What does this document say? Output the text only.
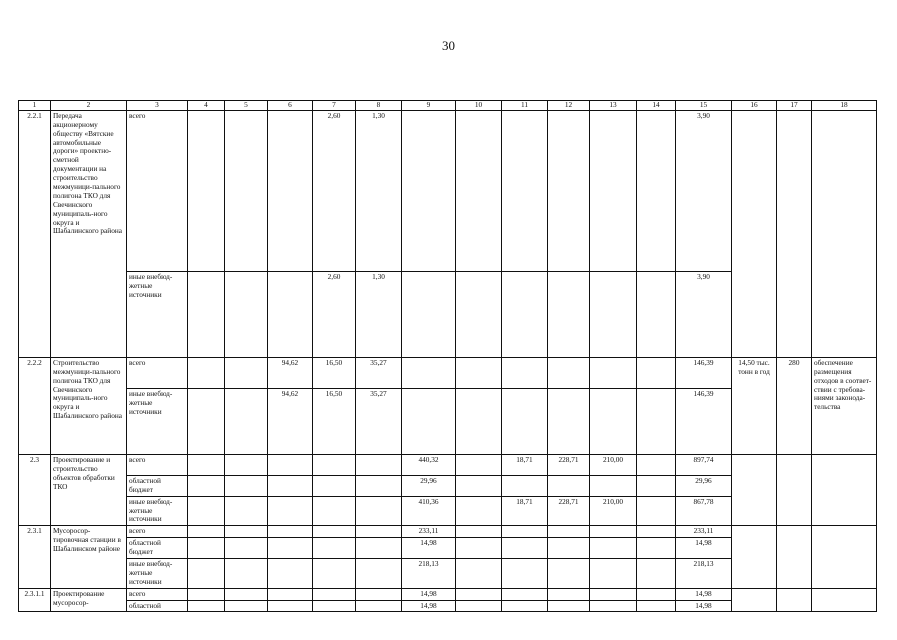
30
1	2	3	4	5	6	7	8	9	10	11	12	13	14	15	16	17	18
2.2.1	Передача акционерному обществу «Вятские автомобильные дороги» проектно-сметной документации на строительство межмуници-пального полигона ТКО для Свечинского муниципаль-ного округа и Шабалинского района	всего				2,60	1,30							3,90			
		иные внебюд-жетные источники				2,60	1,30							3,90			
2.2.2	Строительство межмуници-пального полигона ТКО для Свечинского муниципаль-ного округа и Шабалинского района	всего			94,62	16,50	35,27							146,39	14,50 тыс. тонн в год	280	обеспечение размещения отходов в соответ-ствии с требова-ниями законода-тельства
		иные внебюд-жетные источники			94,62	16,50	35,27							146,39			
2.3	Проектирование и строительство объектов обработки ТКО	всего						440,32		18,71	228,71	210,00		897,74			
		областной бюджет						29,96						29,96			
		иные внебюд-жетные источники						410,36		18,71	228,71	210,00		867,78			
2.3.1	Мусоросор-тировочная станции в Шабалинском районе	всего						233,11						233,11			
		областной бюджет						14,98						14,98			
		иные внебюд-жетные источники						218,13						218,13			
2.3.1.1	Проектирование мусоросор-	всего						14,98						14,98			
		областной						14,98						14,98			
